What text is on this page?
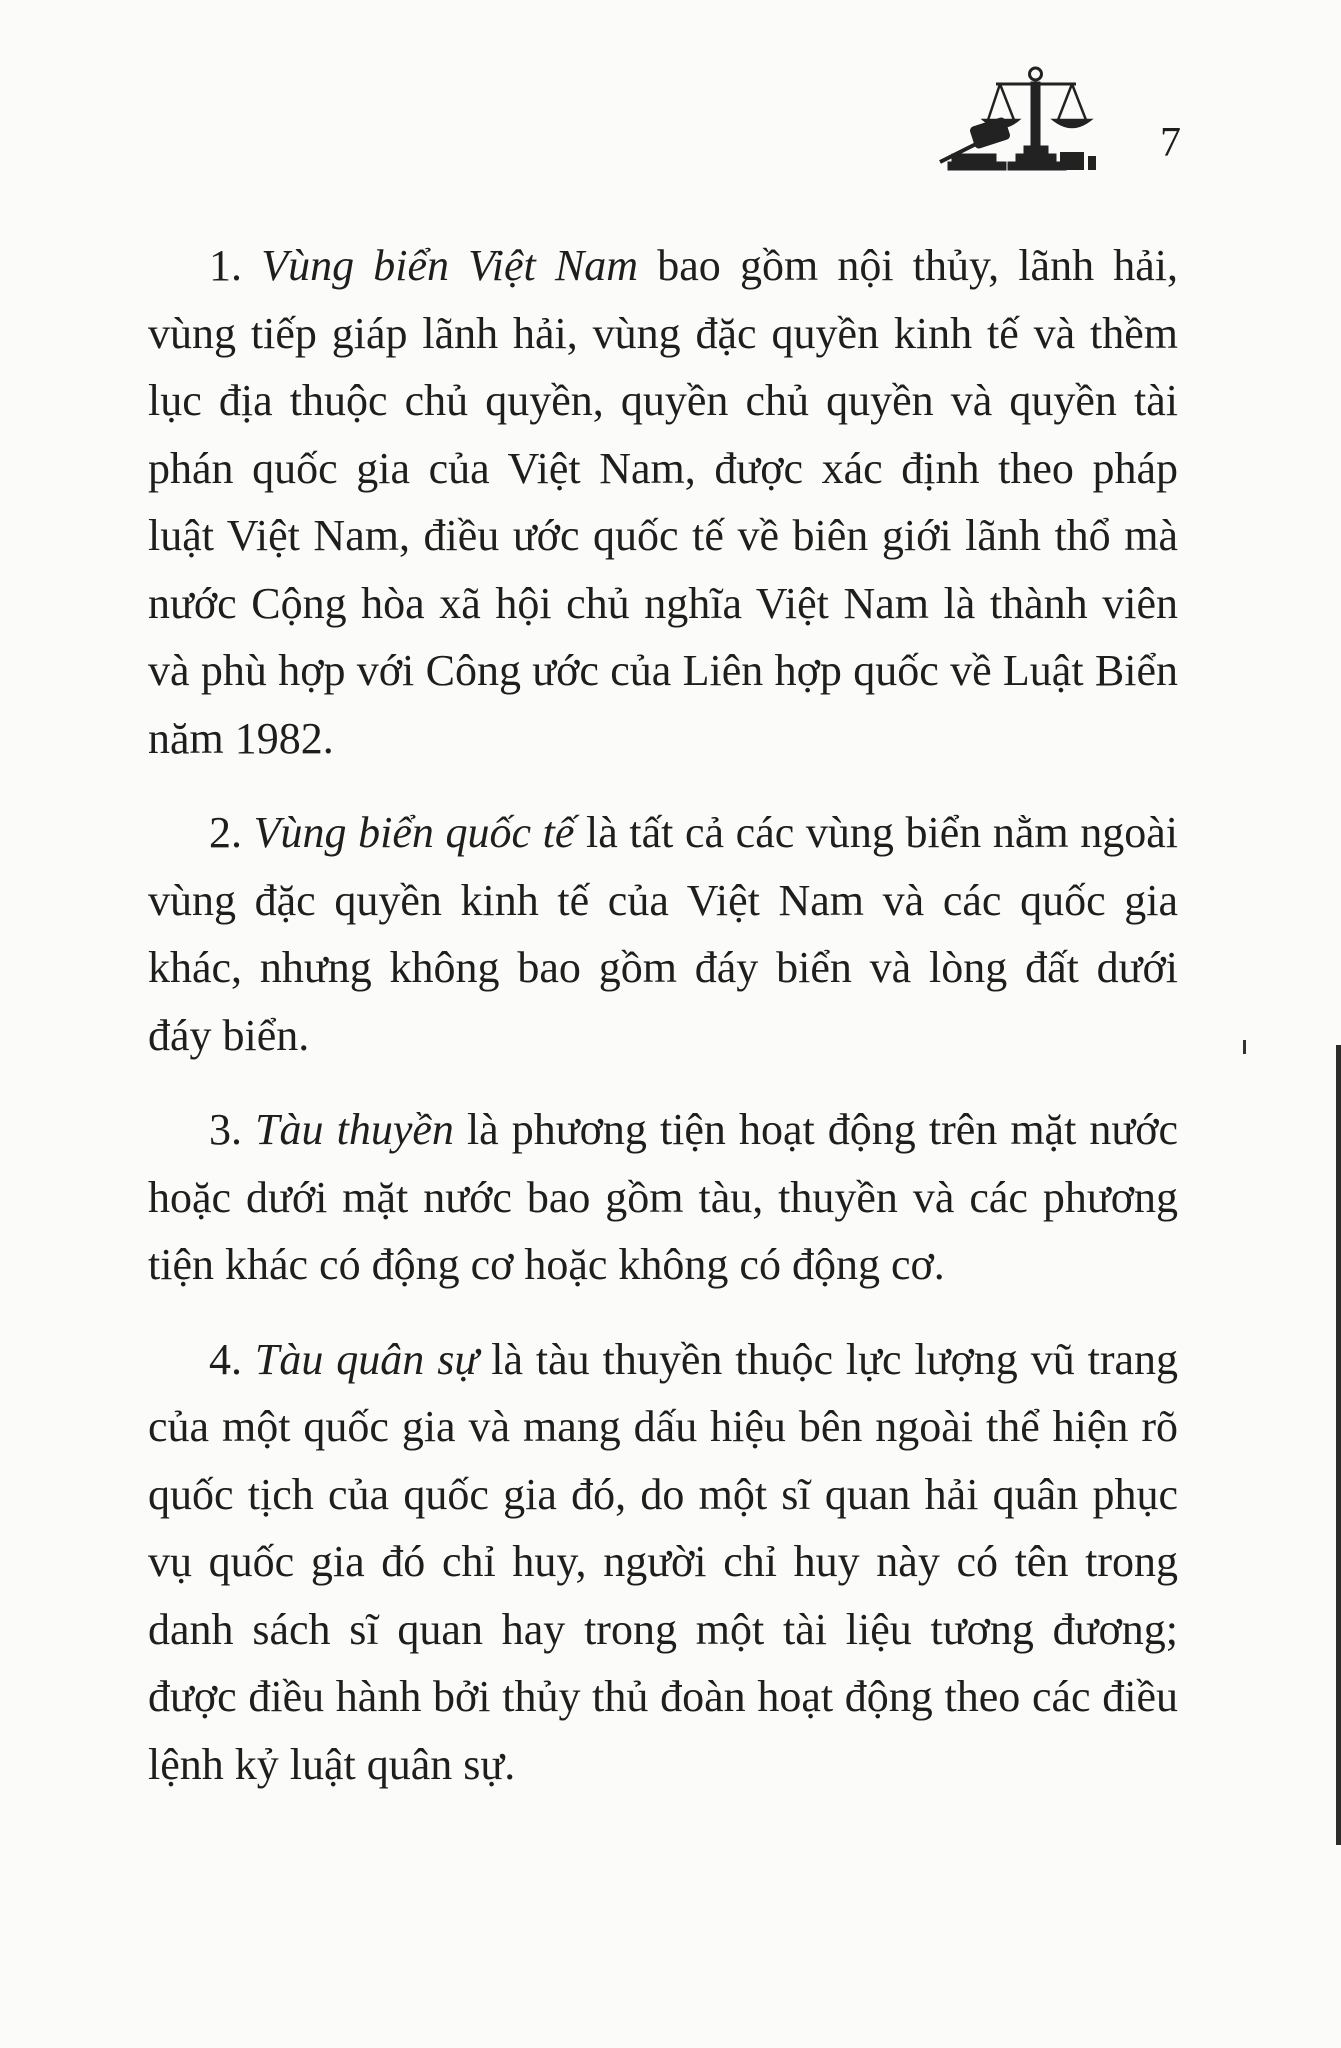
7

1. Vùng biển Việt Nam bao gồm nội thủy, lãnh hải, vùng tiếp giáp lãnh hải, vùng đặc quyền kinh tế và thềm lục địa thuộc chủ quyền, quyền chủ quyền và quyền tài phán quốc gia của Việt Nam, được xác định theo pháp luật Việt Nam, điều ước quốc tế về biên giới lãnh thổ mà nước Cộng hòa xã hội chủ nghĩa Việt Nam là thành viên và phù hợp với Công ước của Liên hợp quốc về Luật Biển năm 1982.

2. Vùng biển quốc tế là tất cả các vùng biển nằm ngoài vùng đặc quyền kinh tế của Việt Nam và các quốc gia khác, nhưng không bao gồm đáy biển và lòng đất dưới đáy biển.

3. Tàu thuyền là phương tiện hoạt động trên mặt nước hoặc dưới mặt nước bao gồm tàu, thuyền và các phương tiện khác có động cơ hoặc không có động cơ.

4. Tàu quân sự là tàu thuyền thuộc lực lượng vũ trang của một quốc gia và mang dấu hiệu bên ngoài thể hiện rõ quốc tịch của quốc gia đó, do một sĩ quan hải quân phục vụ quốc gia đó chỉ huy, người chỉ huy này có tên trong danh sách sĩ quan hay trong một tài liệu tương đương; được điều hành bởi thủy thủ đoàn hoạt động theo các điều lệnh kỷ luật quân sự.
